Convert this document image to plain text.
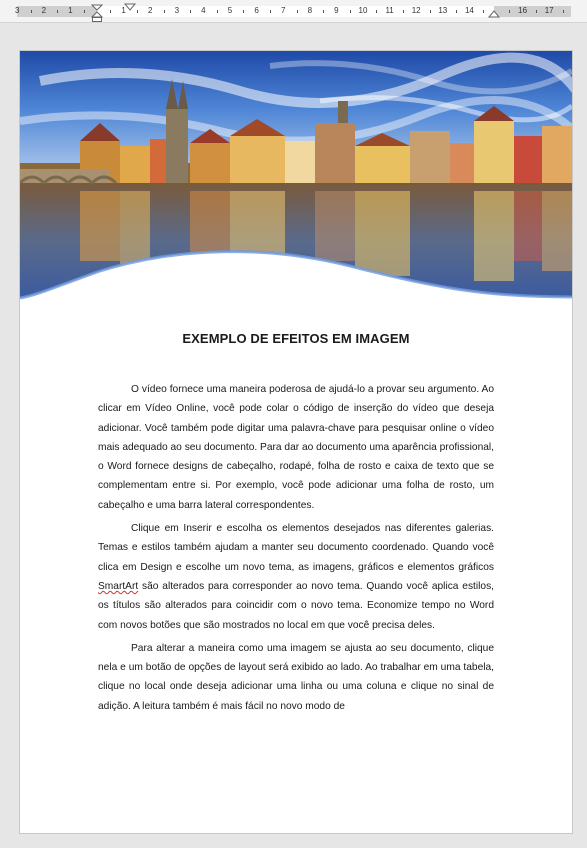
3	2	1	1	2	3	4	5	6	7	8	9 10 11 12 13 14	16 17
EXEMPLO DE EFEITOS EM IMAGEM

O vídeo fornece uma maneira poderosa de ajudá-lo a provar seu argumento. Ao clicar em Vídeo Online, você pode colar o código de inserção do vídeo que deseja adicionar. Você também pode digitar uma palavra-chave para pesquisar online o vídeo mais adequado ao seu documento. Para dar ao documento uma aparência profissional, o Word fornece designs de cabeçalho, rodapé, folha de rosto e caixa de texto que se complementam entre si. Por exemplo, você pode adicionar uma folha de rosto, um cabeçalho e uma barra lateral correspondentes.

Clique em Inserir e escolha os elementos desejados nas diferentes galerias. Temas e estilos também ajudam a manter seu documento coordenado. Quando você clica em Design e escolhe um novo tema, as imagens, gráficos e elementos gráficos SmartArt são alterados para corresponder ao novo tema. Quando você aplica estilos, os títulos são alterados para coincidir com o novo tema. Economize tempo no Word com novos botões que são mostrados no local em que você precisa deles.

Para alterar a maneira como uma imagem se ajusta ao seu documento, clique nela e um botão de opções de layout será exibido ao lado. Ao trabalhar em uma tabela, clique no local onde deseja adicionar uma linha ou uma coluna e clique no sinal de adição. A leitura também é mais fácil no novo modo de
